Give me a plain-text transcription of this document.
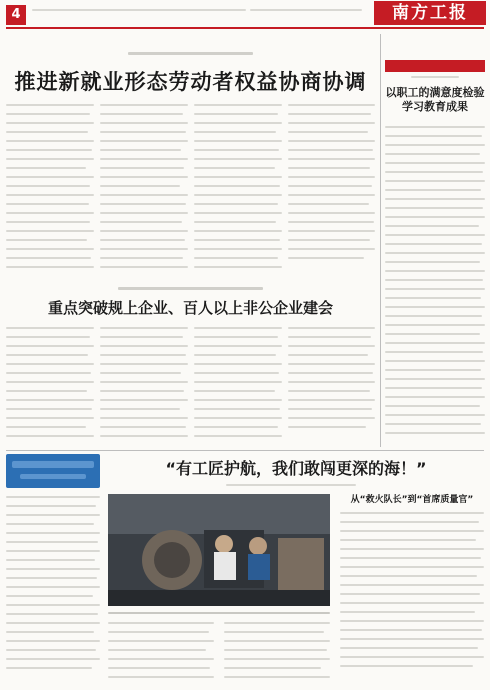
4	南方工报
推进新就业形态劳动者权益协商协调
重点突破规上企业、百人以上非公企业建会
以职工的满意度检验学习教育成果
“有工匠护航，我们敢闯更深的海！”
从“救火队长”到“首席质量官”
